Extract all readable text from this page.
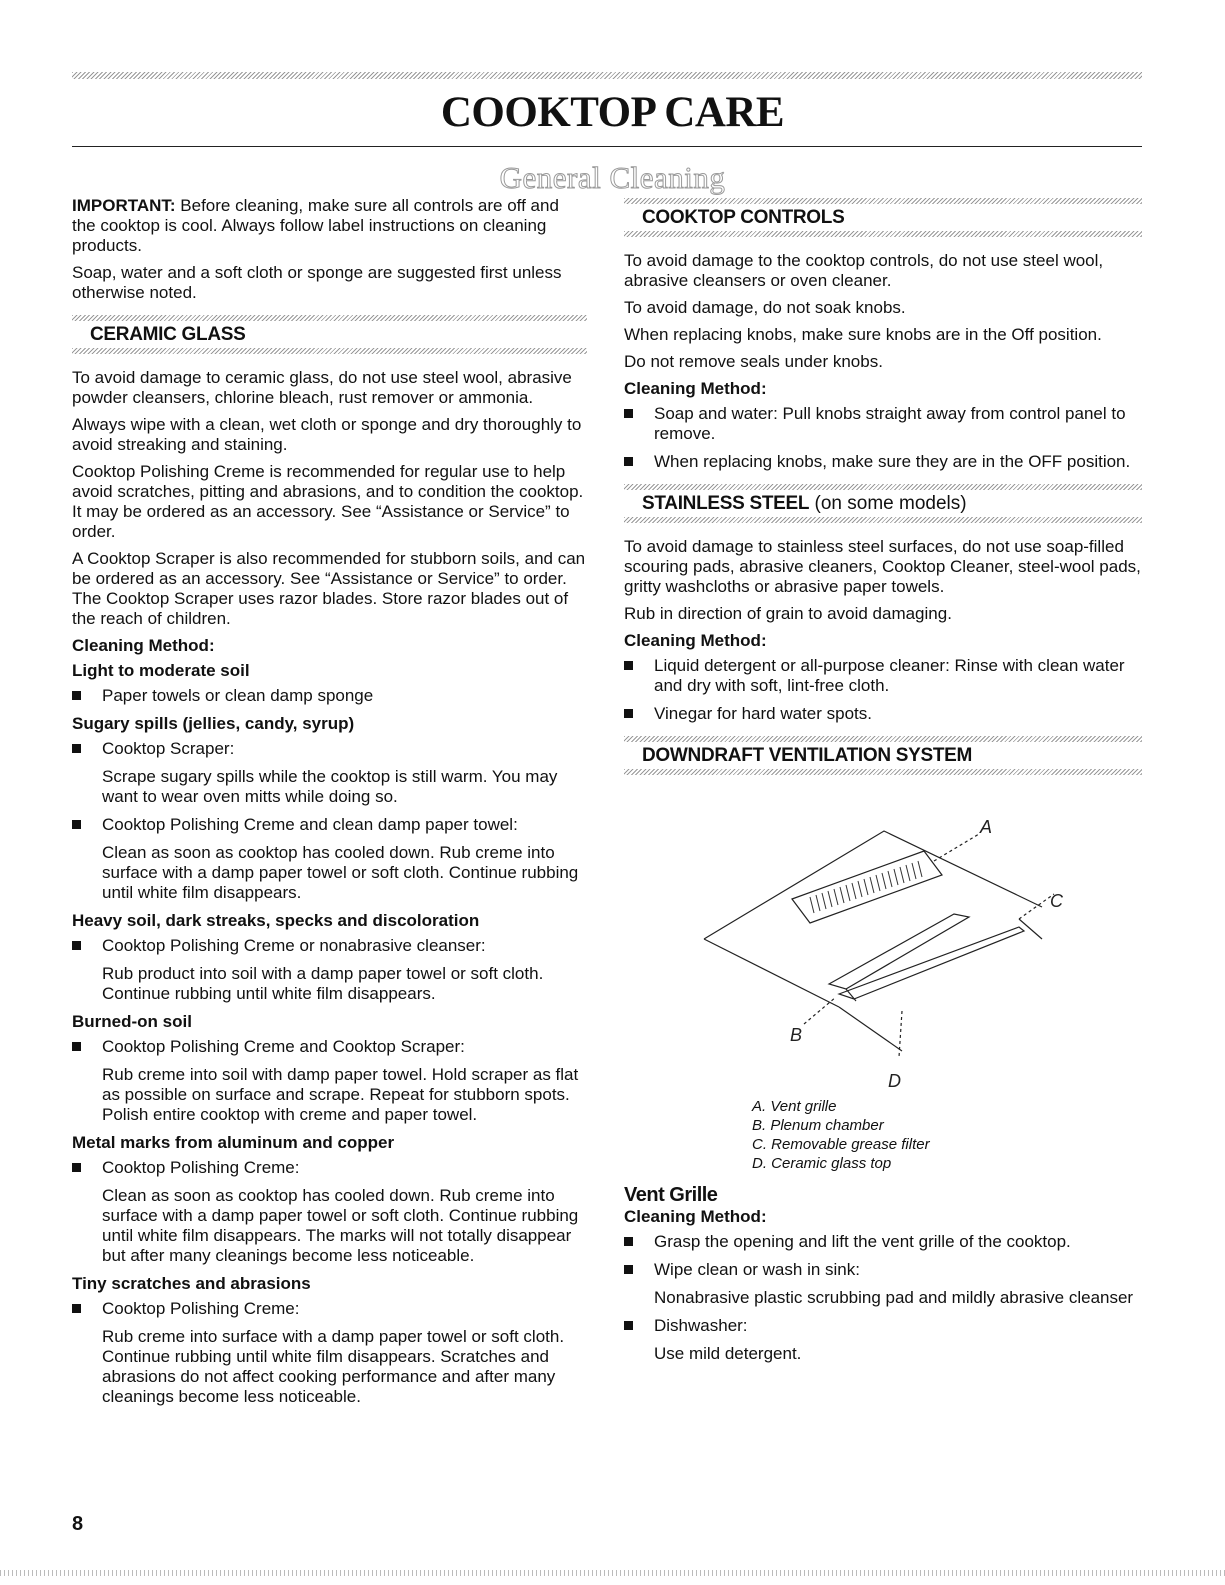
COOKTOP CARE
General Cleaning

IMPORTANT: Before cleaning, make sure all controls are off and the cooktop is cool. Always follow label instructions on cleaning products.

Soap, water and a soft cloth or sponge are suggested first unless otherwise noted.

CERAMIC GLASS

To avoid damage to ceramic glass, do not use steel wool, abrasive powder cleansers, chlorine bleach, rust remover or ammonia.

Always wipe with a clean, wet cloth or sponge and dry thoroughly to avoid streaking and staining.

Cooktop Polishing Creme is recommended for regular use to help avoid scratches, pitting and abrasions, and to condition the cooktop. It may be ordered as an accessory. See “Assistance or Service” to order.

A Cooktop Scraper is also recommended for stubborn soils, and can be ordered as an accessory. See “Assistance or Service” to order. The Cooktop Scraper uses razor blades. Store razor blades out of the reach of children.

Cleaning Method:

Light to moderate soil

Paper towels or clean damp sponge

Sugary spills (jellies, candy, syrup)

Cooktop Scraper:

Scrape sugary spills while the cooktop is still warm. You may want to wear oven mitts while doing so.

Cooktop Polishing Creme and clean damp paper towel:

Clean as soon as cooktop has cooled down. Rub creme into surface with a damp paper towel or soft cloth. Continue rubbing until white film disappears.

Heavy soil, dark streaks, specks and discoloration

Cooktop Polishing Creme or nonabrasive cleanser:

Rub product into soil with a damp paper towel or soft cloth. Continue rubbing until white film disappears.

Burned-on soil

Cooktop Polishing Creme and Cooktop Scraper:

Rub creme into soil with damp paper towel. Hold scraper as flat as possible on surface and scrape. Repeat for stubborn spots. Polish entire cooktop with creme and paper towel.

Metal marks from aluminum and copper

Cooktop Polishing Creme:

Clean as soon as cooktop has cooled down. Rub creme into surface with a damp paper towel or soft cloth. Continue rubbing until white film disappears. The marks will not totally disappear but after many cleanings become less noticeable.

Tiny scratches and abrasions

Cooktop Polishing Creme:

Rub creme into surface with a damp paper towel or soft cloth. Continue rubbing until white film disappears. Scratches and abrasions do not affect cooking performance and after many cleanings become less noticeable.

COOKTOP CONTROLS

To avoid damage to the cooktop controls, do not use steel wool, abrasive cleansers or oven cleaner.

To avoid damage, do not soak knobs.

When replacing knobs, make sure knobs are in the Off position.

Do not remove seals under knobs.

Cleaning Method:

Soap and water: Pull knobs straight away from control panel to remove.

When replacing knobs, make sure they are in the OFF position.

STAINLESS STEEL (on some models)

To avoid damage to stainless steel surfaces, do not use soap-filled scouring pads, abrasive cleaners, Cooktop Cleaner, steel-wool pads, gritty washcloths or abrasive paper towels.

Rub in direction of grain to avoid damaging.

Cleaning Method:

Liquid detergent or all-purpose cleaner: Rinse with clean water and dry with soft, lint-free cloth.

Vinegar for hard water spots.

DOWNDRAFT VENTILATION SYSTEM
A
C
B
D
A. Vent grille
B. Plenum chamber
C. Removable grease filter
D. Ceramic glass top
Vent Grille

Cleaning Method:

Grasp the opening and lift the vent grille of the cooktop.

Wipe clean or wash in sink:

Nonabrasive plastic scrubbing pad and mildly abrasive cleanser

Dishwasher:

Use mild detergent.

8
